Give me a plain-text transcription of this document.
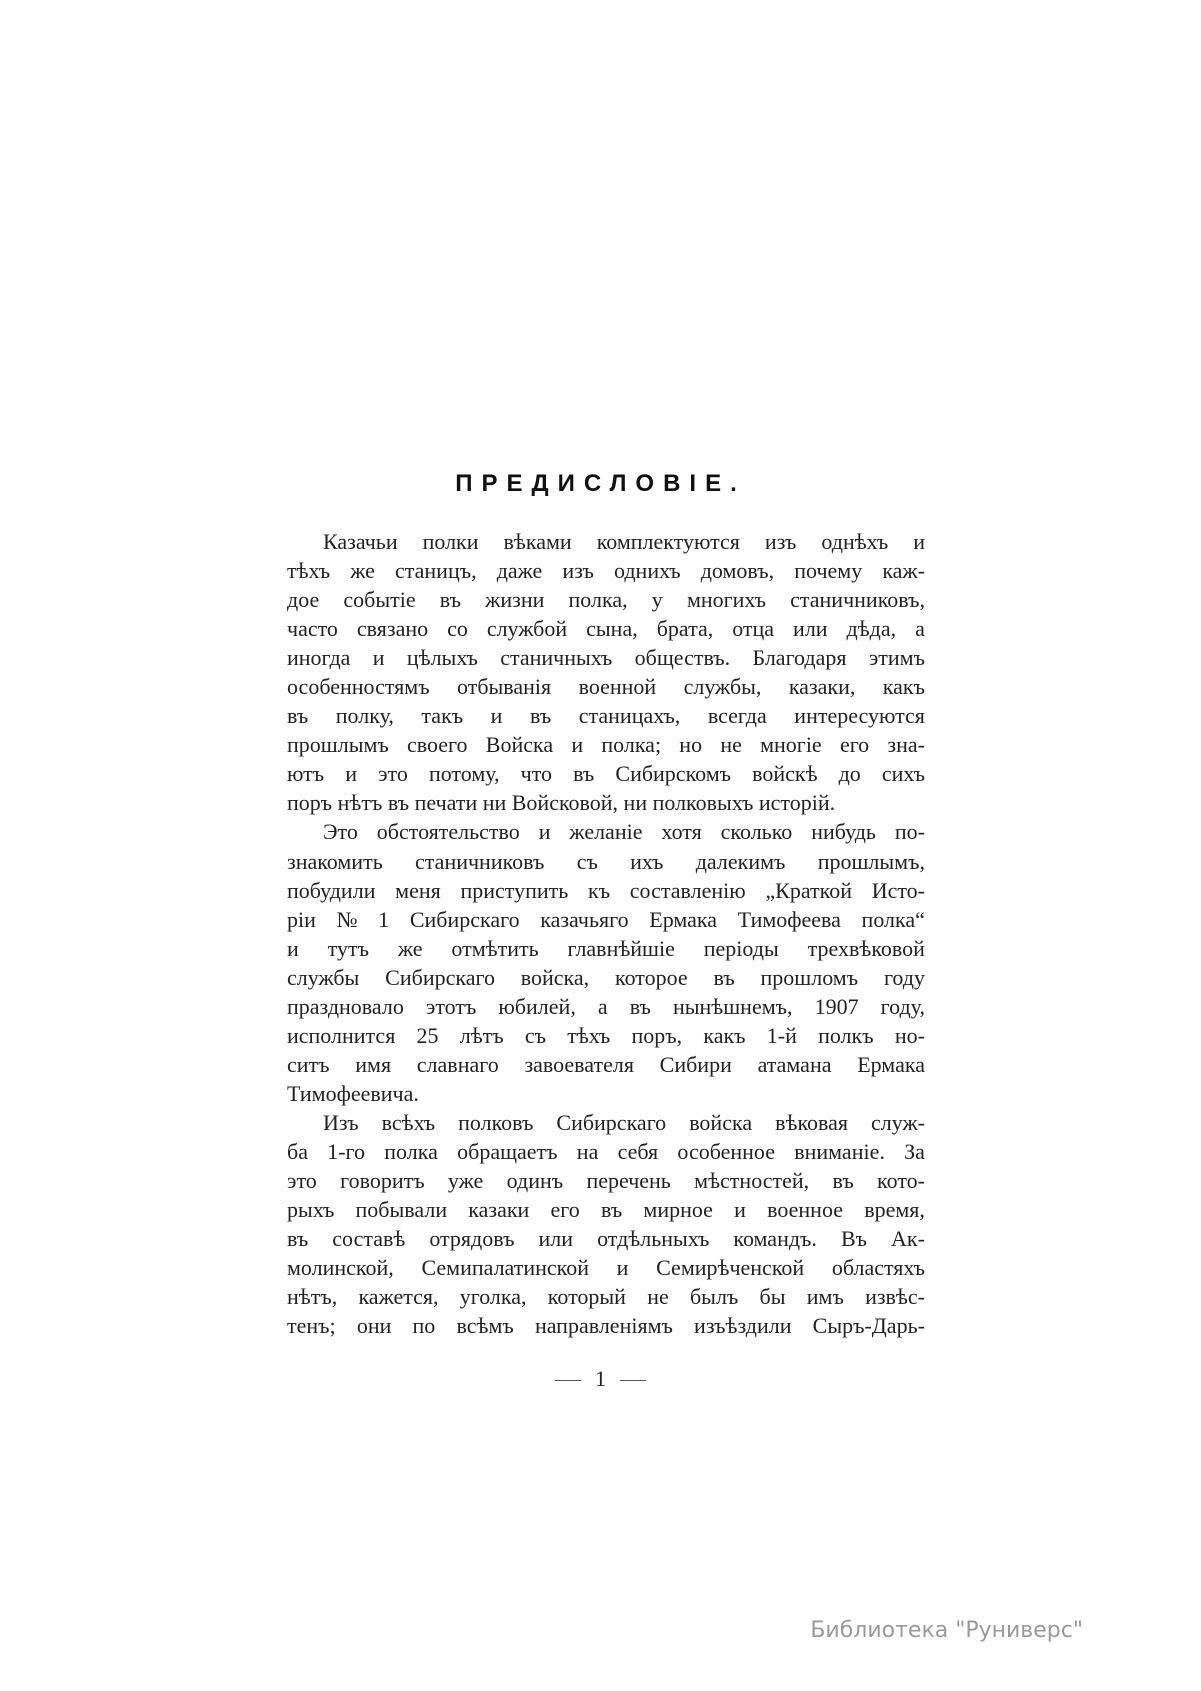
ПРЕДИСЛОВІЕ.
Казачьи полки вѣками комплектуются изъ однѣхъ и
тѣхъ же станицъ, даже изъ однихъ домовъ, почему каж-
дое событіе въ жизни полка, у многихъ станичниковъ,
часто связано со службой сына, брата, отца или дѣда, а
иногда и цѣлыхъ станичныхъ обществъ. Благодаря этимъ
особенностямъ отбыванія военной службы, казаки, какъ
въ полку, такъ и въ станицахъ, всегда интересуются
прошлымъ своего Войска и полка; но не многіе его зна-
ютъ и это потому, что въ Сибирскомъ войскѣ до сихъ
поръ нѣтъ въ печати ни Войсковой, ни полковыхъ исторій.
Это обстоятельство и желаніе хотя сколько нибудь по-
знакомить станичниковъ съ ихъ далекимъ прошлымъ,
побудили меня приступить къ составленію „Краткой Исто-
ріи № 1 Сибирскаго казачьяго Ермака Тимофеева полка“
и тутъ же отмѣтить главнѣйшіе періоды трехвѣковой
службы Сибирскаго войска, которое въ прошломъ году
праздновало этотъ юбилей, а въ нынѣшнемъ, 1907 году,
исполнится 25 лѣтъ съ тѣхъ поръ, какъ 1-й полкъ но-
ситъ имя славнаго завоевателя Сибири атамана Ермака
Тимофеевича.
Изъ всѣхъ полковъ Сибирскаго войска вѣковая служ-
ба 1-го полка обращаетъ на себя особенное вниманіе. За
это говоритъ уже одинъ перечень мѣстностей, въ кото-
рыхъ побывали казаки его въ мирное и военное время,
въ составѣ отрядовъ или отдѣльныхъ командъ. Въ Ак-
молинской, Семипалатинской и Семирѣченской областяхъ
нѣтъ, кажется, уголка, который не былъ бы имъ извѣс-
тенъ; они по всѣмъ направленіямъ изъѣздили Сыръ-Дарь-
1
Библиотека "Руниверс"
